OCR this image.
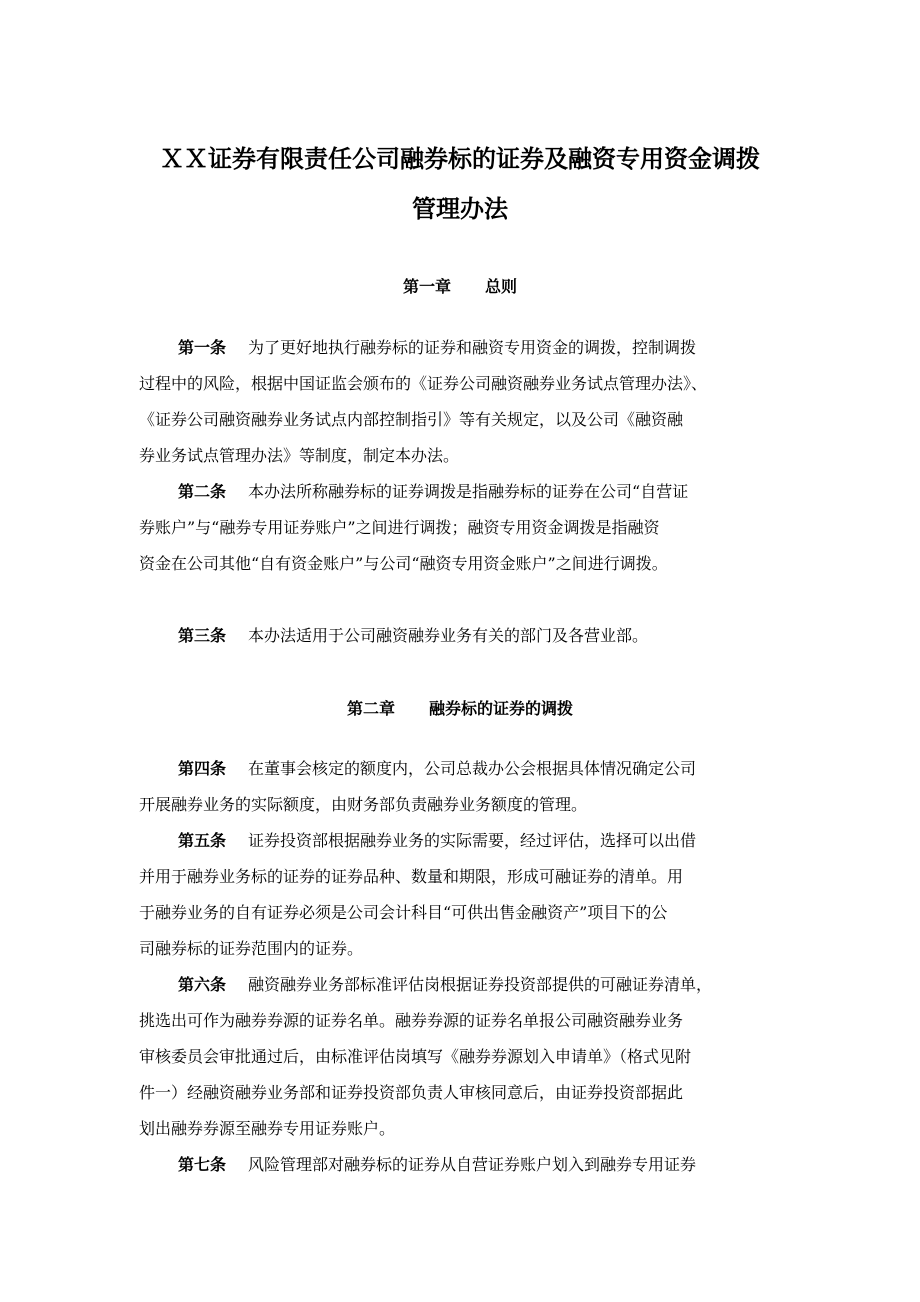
ＸＸ证券有限责任公司融券标的证券及融资专用资金调拨
管理办法
第一章 总则
第一条 为了更好地执行融券标的证券和融资专用资金的调拨，控制调拨
过程中的风险，根据中国证监会颁布的《证券公司融资融券业务试点管理办法》、
《证券公司融资融券业务试点内部控制指引》等有关规定，以及公司《融资融
券业务试点管理办法》等制度，制定本办法。
第二条 本办法所称融券标的证券调拨是指融券标的证券在公司“自营证
券账户”与“融券专用证券账户”之间进行调拨；融资专用资金调拨是指融资
资金在公司其他“自有资金账户”与公司“融资专用资金账户”之间进行调拨。
第三条 本办法适用于公司融资融券业务有关的部门及各营业部。
第二章 融券标的证券的调拨
第四条 在董事会核定的额度内，公司总裁办公会根据具体情况确定公司
开展融券业务的实际额度，由财务部负责融券业务额度的管理。
第五条 证券投资部根据融券业务的实际需要，经过评估，选择可以出借
并用于融券业务标的证券的证券品种、数量和期限，形成可融证券的清单。用
于融券业务的自有证券必须是公司会计科目“可供出售金融资产”项目下的公
司融券标的证券范围内的证券。
第六条 融资融券业务部标准评估岗根据证券投资部提供的可融证券清单，
挑选出可作为融券券源的证券名单。融券券源的证券名单报公司融资融券业务
审核委员会审批通过后，由标准评估岗填写《融券券源划入申请单》（格式见附
件一）经融资融券业务部和证券投资部负责人审核同意后，由证券投资部据此
划出融券券源至融券专用证券账户。
第七条 风险管理部对融券标的证券从自营证券账户划入到融券专用证券
